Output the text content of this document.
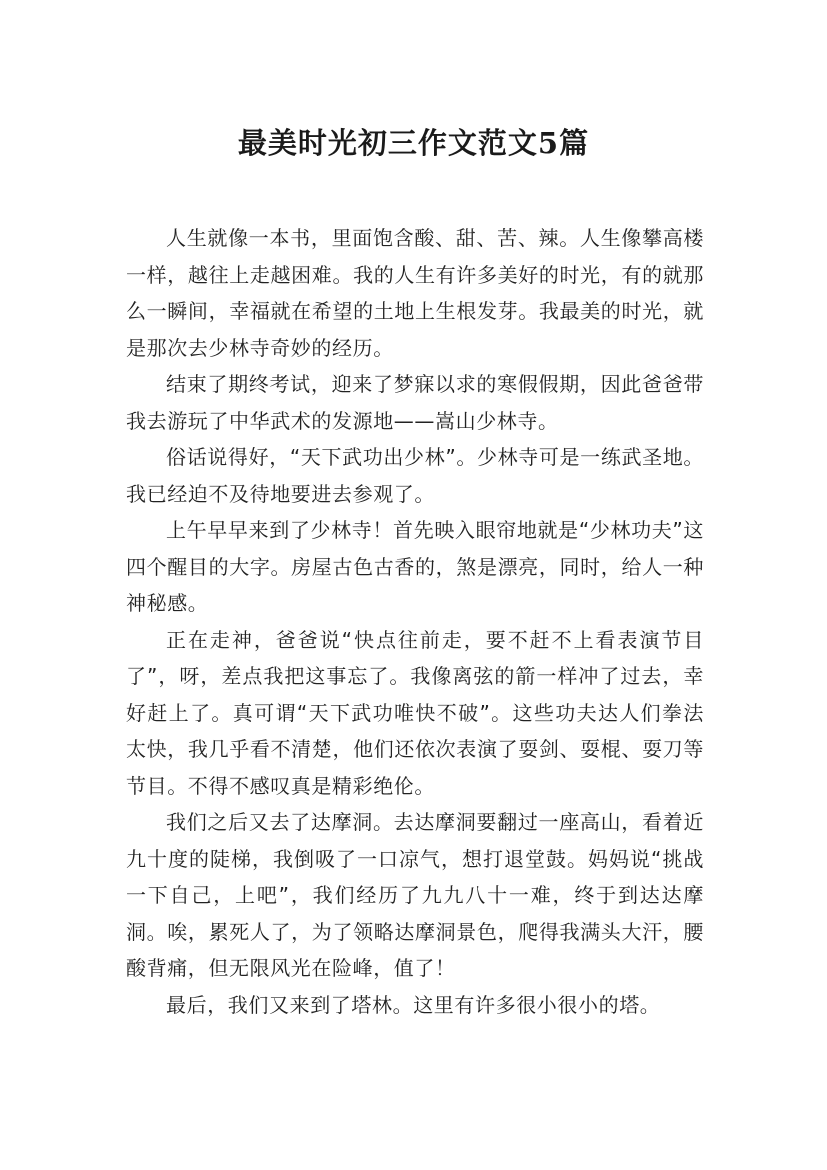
最美时光初三作文范文5篇

人生就像一本书，里面饱含酸、甜、苦、辣。人生像攀高楼一样，越往上走越困难。我的人生有许多美好的时光，有的就那么一瞬间，幸福就在希望的土地上生根发芽。我最美的时光，就是那次去少林寺奇妙的经历。

结束了期终考试，迎来了梦寐以求的寒假假期，因此爸爸带我去游玩了中华武术的发源地——嵩山少林寺。

俗话说得好，“天下武功出少林”。少林寺可是一练武圣地。我已经迫不及待地要进去参观了。

上午早早来到了少林寺！首先映入眼帘地就是“少林功夫”这四个醒目的大字。房屋古色古香的，煞是漂亮，同时，给人一种神秘感。

正在走神，爸爸说“快点往前走，要不赶不上看表演节目了”，呀，差点我把这事忘了。我像离弦的箭一样冲了过去，幸好赶上了。真可谓“天下武功唯快不破”。这些功夫达人们拳法太快，我几乎看不清楚，他们还依次表演了耍剑、耍棍、耍刀等节目。不得不感叹真是精彩绝伦。

我们之后又去了达摩洞。去达摩洞要翻过一座高山，看着近九十度的陡梯，我倒吸了一口凉气，想打退堂鼓。妈妈说“挑战一下自己，上吧”，我们经历了九九八十一难，终于到达达摩洞。唉，累死人了，为了领略达摩洞景色，爬得我满头大汗，腰酸背痛，但无限风光在险峰，值了！

最后，我们又来到了塔林。这里有许多很小很小的塔。
